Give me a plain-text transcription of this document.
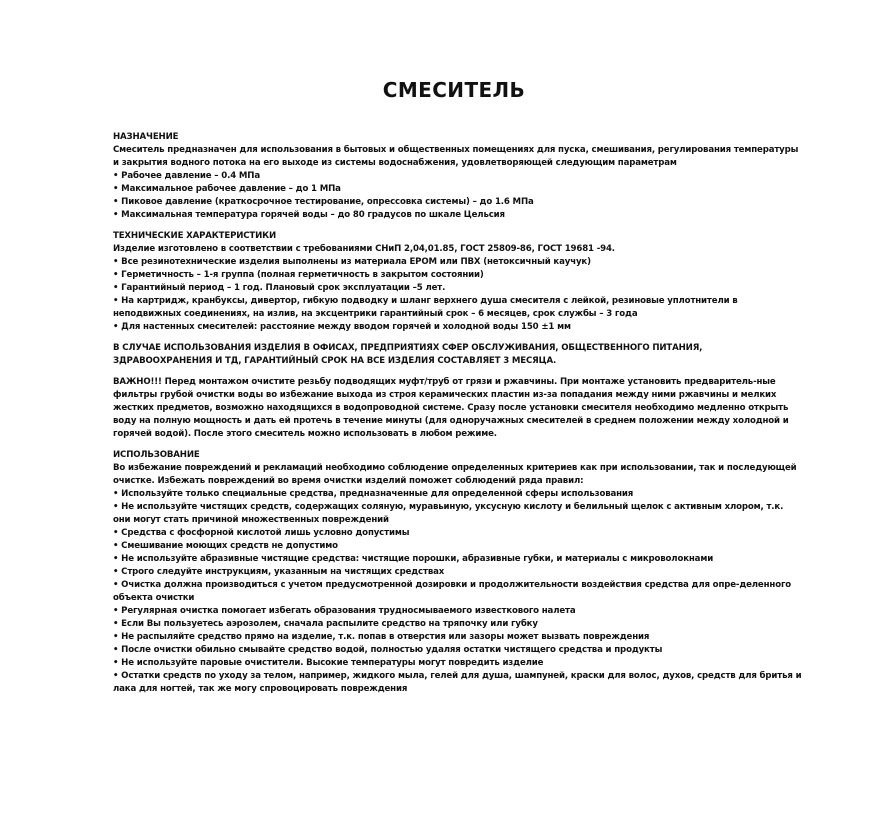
СМЕСИТЕЛЬ
НАЗНАЧЕНИЕ
Смеситель предназначен для использования в бытовых и общественных помещениях для пуска, смешивания, регулирования температуры и закрытия водного потока на его выходе из системы водоснабжения, удовлетворяющей следующим параметрам
• Рабочее давление – 0.4 МПа
• Максимальное рабочее давление – до 1 МПа
• Пиковое давление (краткосрочное тестирование, опрессовка системы) – до 1.6 МПа
• Максимальная температура горячей воды – до 80 градусов по шкале Цельсия
ТЕХНИЧЕСКИЕ ХАРАКТЕРИСТИКИ
Изделие изготовлено в соответствии с требованиями СНиП 2,04,01.85, ГОСТ 25809-86, ГОСТ 19681 -94.
• Все резинотехнические изделия выполнены из материала EPOM или ПВХ (нетоксичный каучук)
• Герметичность – 1-я группа (полная герметичность в закрытом состоянии)
• Гарантийный период – 1 год. Плановый срок эксплуатации –5 лет.
• На картридж, кранбуксы, дивертор, гибкую подводку и шланг верхнего душа смесителя с лейкой, резиновые уплотнители в неподвижных соединениях, на излив, на эксцентрики гарантийный срок – 6 месяцев, срок службы – 3 года
• Для настенных смесителей: расстояние между вводом горячей и холодной воды 150 ±1 мм
В СЛУЧАЕ ИСПОЛЬЗОВАНИЯ ИЗДЕЛИЯ В ОФИСАХ, ПРЕДПРИЯТИЯХ СФЕР ОБСЛУЖИВАНИЯ, ОБЩЕСТВЕННОГО ПИТАНИЯ, ЗДРАВООХРАНЕНИЯ И ТД, ГАРАНТИЙНЫЙ СРОК НА ВСЕ ИЗДЕЛИЯ СОСТАВЛЯЕТ 3 МЕСЯЦА.
ВАЖНО!!! Перед монтажом очистите резьбу подводящих муфт/труб от грязи и ржавчины. При монтаже установить предваритель-ные фильтры грубой очистки воды во избежание выхода из строя керамических пластин из-за попадания между ними ржавчины и мелких жестких предметов, возможно находящихся в водопроводной системе. Сразу после установки смесителя необходимо медленно открыть воду на полную мощность и дать ей протечь в течение минуты (для одноручажных смесителей в среднем положении между холодной и горячей водой). После этого смеситель можно использовать в любом режиме.
ИСПОЛЬЗОВАНИЕ
Во избежание повреждений и рекламаций необходимо соблюдение определенных критериев как при использовании, так и последующей очистке. Избежать повреждений во время очистки изделий поможет соблюдений ряда правил:
• Используйте только специальные средства, предназначенные для определенной сферы использования
• Не используйте чистящих средств, содержащих соляную, муравьиную, уксусную кислоту и белильный щелок с активным хлором, т.к. они могут стать причиной множественных повреждений
• Средства с фосфорной кислотой лишь условно допустимы
• Смешивание моющих средств не допустимо
• Не используйте абразивные чистящие средства: чистящие порошки, абразивные губки, и материалы с микроволокнами
• Строго следуйте инструкциям, указанным на чистящих средствах
• Очистка должна производиться с учетом предусмотренной дозировки и продолжительности воздействия средства для опре-деленного объекта очистки
• Регулярная очистка помогает избегать образования трудносмываемого известкового налета
• Если Вы пользуетесь аэрозолем, сначала распылите средство на тряпочку или губку
• Не распыляйте средство прямо на изделие, т.к. попав в отверстия или зазоры может вызвать повреждения
• После очистки обильно смывайте средство водой, полностью удаляя остатки чистящего средства и продукты
• Не используйте паровые очистители. Высокие температуры могут повредить изделие
• Остатки средств по уходу за телом, например, жидкого мыла, гелей для душа, шампуней, краски для волос, духов, средств для бритья и лака для ногтей, так же могу спровоцировать повреждения
